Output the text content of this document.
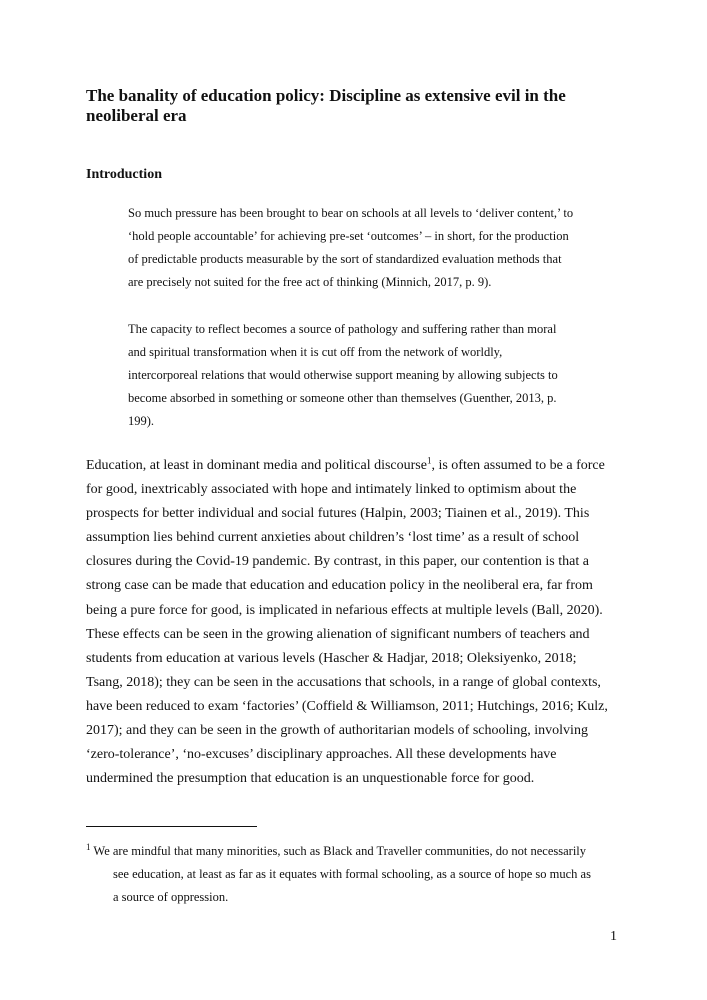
The banality of education policy: Discipline as extensive evil in the
neoliberal era
Introduction
So much pressure has been brought to bear on schools at all levels to ‘deliver content,’ to
‘hold people accountable’ for achieving pre-set ‘outcomes’ – in short, for the production
of predictable products measurable by the sort of standardized evaluation methods that
are precisely not suited for the free act of thinking (Minnich, 2017, p. 9).
The capacity to reflect becomes a source of pathology and suffering rather than moral
and spiritual transformation when it is cut off from the network of worldly,
intercorporeal relations that would otherwise support meaning by allowing subjects to
become absorbed in something or someone other than themselves (Guenther, 2013, p.
199).
Education, at least in dominant media and political discourse$^1$, is often assumed to be a force
for good, inextricably associated with hope and intimately linked to optimism about the
prospects for better individual and social futures (Halpin, 2003; Tiainen et al., 2019). This
assumption lies behind current anxieties about children’s ‘lost time’ as a result of school
closures during the Covid-19 pandemic. By contrast, in this paper, our contention is that a
strong case can be made that education and education policy in the neoliberal era, far from
being a pure force for good, is implicated in nefarious effects at multiple levels (Ball, 2020).
These effects can be seen in the growing alienation of significant numbers of teachers and
students from education at various levels (Hascher & Hadjar, 2018; Oleksiyenko, 2018;
Tsang, 2018); they can be seen in the accusations that schools, in a range of global contexts,
have been reduced to exam ‘factories’ (Coffield & Williamson, 2011; Hutchings, 2016; Kulz,
2017); and they can be seen in the growth of authoritarian models of schooling, involving
‘zero-tolerance’, ‘no-excuses’ disciplinary approaches. All these developments have
undermined the presumption that education is an unquestionable force for good.
$^1$ We are mindful that many minorities, such as Black and Traveller communities, do not necessarily
see education, at least as far as it equates with formal schooling, as a source of hope so much as
a source of oppression.
1
